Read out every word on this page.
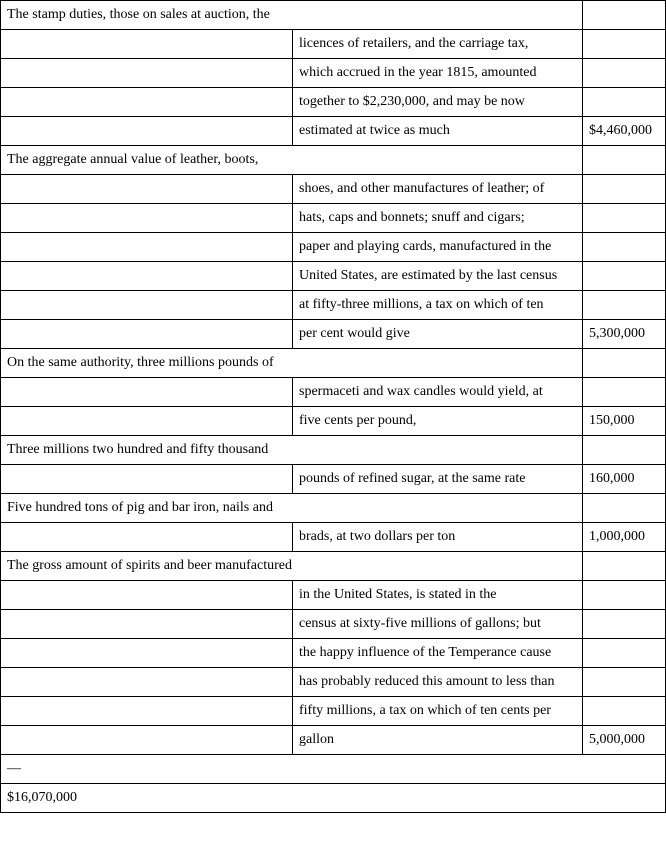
The stamp duties, those on sales at auction, the		
	licences of retailers, and the carriage tax,	
	which accrued in the year 1815, amounted	
	together to $2,230,000, and may be now	
	estimated at twice as much	$4,460,000
The aggregate annual value of leather, boots,		
	shoes, and other manufactures of leather; of	
	hats, caps and bonnets; snuff and cigars;	
	paper and playing cards, manufactured in the	
	United States, are estimated by the last census	
	at fifty-three millions, a tax on which of ten	
	per cent would give	5,300,000
On the same authority, three millions pounds of		
	spermaceti and wax candles would yield, at	
	five cents per pound,	150,000
Three millions two hundred and fifty thousand		
	pounds of refined sugar, at the same rate	160,000
Five hundred tons of pig and bar iron, nails and		
	brads, at two dollars per ton	1,000,000
The gross amount of spirits and beer manufactured		
	in the United States, is stated in the	
	census at sixty-five millions of gallons; but	
	the happy influence of the Temperance cause	
	has probably reduced this amount to less than	
	fifty millions, a tax on which of ten cents per	
	gallon	5,000,000
—		
$16,070,000		
